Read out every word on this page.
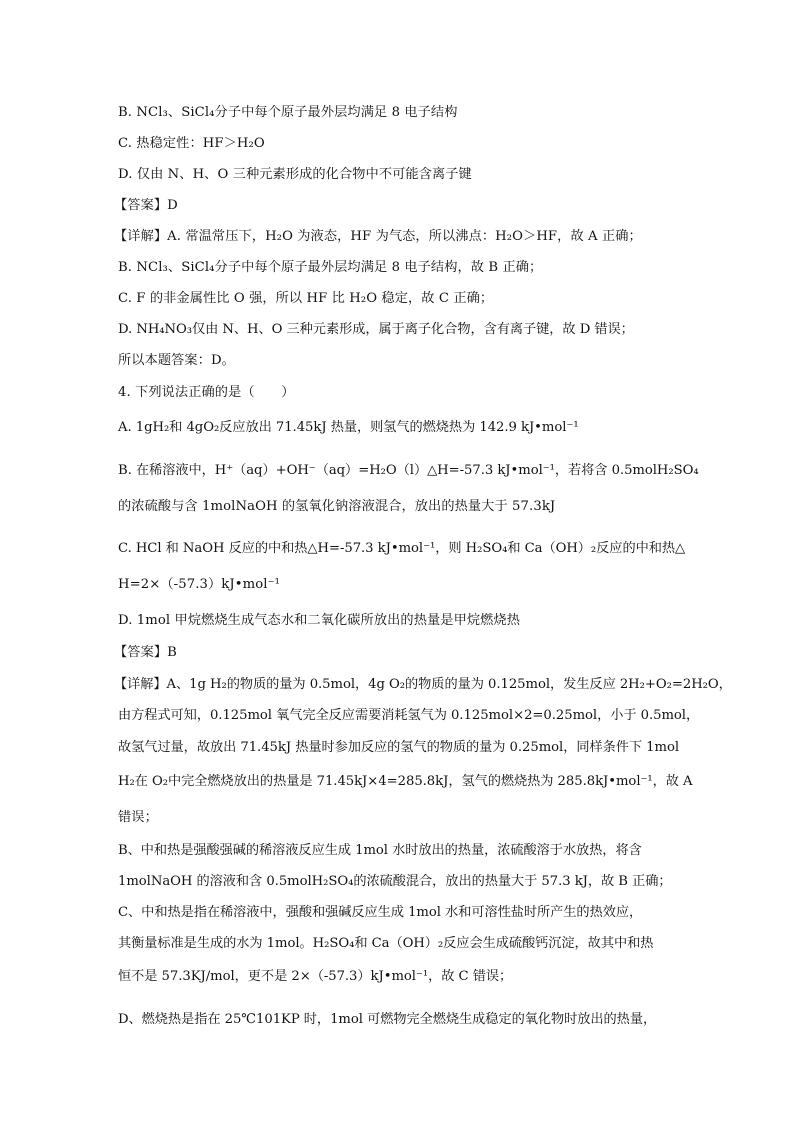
B. NCl₃、SiCl₄分子中每个原子最外层均满足 8 电子结构
C. 热稳定性：HF＞H₂O
D. 仅由 N、H、O 三种元素形成的化合物中不可能含离子键
【答案】D
【详解】A. 常温常压下，H₂O 为液态，HF 为气态，所以沸点：H₂O＞HF，故 A 正确；
B. NCl₃、SiCl₄分子中每个原子最外层均满足 8 电子结构，故 B 正确；
C. F 的非金属性比 O 强，所以 HF 比 H₂O 稳定，故 C 正确；
D. NH₄NO₃仅由 N、H、O 三种元素形成，属于离子化合物，含有离子键，故 D 错误；
所以本题答案：D。
4. 下列说法正确的是（　　）
A. 1gH₂和 4gO₂反应放出 71.45kJ 热量，则氢气的燃烧热为 142.9 kJ•mol⁻¹
B. 在稀溶液中，H⁺（aq）+OH⁻（aq）=H₂O（l）△H=-57.3 kJ•mol⁻¹，若将含 0.5molH₂SO₄
的浓硫酸与含 1molNaOH 的氢氧化钠溶液混合，放出的热量大于 57.3kJ
C. HCl 和 NaOH 反应的中和热△H=-57.3 kJ•mol⁻¹，则 H₂SO₄和 Ca（OH）₂反应的中和热△
H=2×（-57.3）kJ•mol⁻¹
D. 1mol 甲烷燃烧生成气态水和二氧化碳所放出的热量是甲烷燃烧热
【答案】B
【详解】A、1g H₂的物质的量为 0.5mol，4g O₂的物质的量为 0.125mol，发生反应 2H₂+O₂=2H₂O，
由方程式可知，0.125mol 氧气完全反应需要消耗氢气为 0.125mol×2=0.25mol，小于 0.5mol，
故氢气过量，故放出 71.45kJ 热量时参加反应的氢气的物质的量为 0.25mol，同样条件下 1mol
H₂在 O₂中完全燃烧放出的热量是 71.45kJ×4=285.8kJ，氢气的燃烧热为 285.8kJ•mol⁻¹，故 A
错误；
B、中和热是强酸强碱的稀溶液反应生成 1mol 水时放出的热量，浓硫酸溶于水放热，将含
1molNaOH 的溶液和含 0.5molH₂SO₄的浓硫酸混合，放出的热量大于 57.3 kJ，故 B 正确；
C、中和热是指在稀溶液中，强酸和强碱反应生成 1mol 水和可溶性盐时所产生的热效应，
其衡量标准是生成的水为 1mol。H₂SO₄和 Ca（OH）₂反应会生成硫酸钙沉淀，故其中和热
恒不是 57.3KJ/mol，更不是 2×（-57.3）kJ•mol⁻¹，故 C 错误；
D、燃烧热是指在 25℃101KP 时，1mol 可燃物完全燃烧生成稳定的氧化物时放出的热量，
